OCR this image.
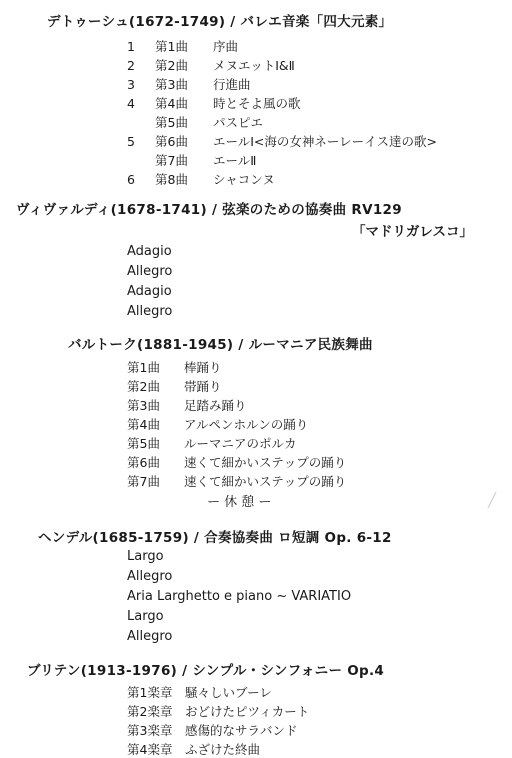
デトゥーシュ(1672-1749) / バレエ音楽「四大元素」
1 第1曲 序曲
2 第2曲 メヌエットⅠ&Ⅱ
3 第3曲 行進曲
4 第4曲 時とそよ風の歌
第5曲 パスピエ
5 第6曲 エールⅠ<海の女神ネーレーイス達の歌>
第7曲 エールⅡ
6 第8曲 シャコンヌ
ヴィヴァルディ(1678-1741) / 弦楽のための協奏曲 RV129
「マドリガレスコ」
Adagio
Allegro
Adagio
Allegro
バルトーク(1881-1945) / ルーマニア民族舞曲
第1曲 棒踊り
第2曲 帯踊り
第3曲 足踏み踊り
第4曲 アルペンホルンの踊り
第5曲 ルーマニアのポルカ
第6曲 速くて細かいステップの踊り
第7曲 速くて細かいステップの踊り
ー 休 憩 ー
ヘンデル(1685-1759) / 合奏協奏曲 ロ短調 Op. 6-12
Largo
Allegro
Aria Larghetto e piano ~ VARIATIO
Largo
Allegro
ブリテン(1913-1976) / シンプル・シンフォニー Op.4
第1楽章 騒々しいブーレ
第2楽章 おどけたピツィカート
第3楽章 感傷的なサラバンド
第4楽章 ふざけた終曲
